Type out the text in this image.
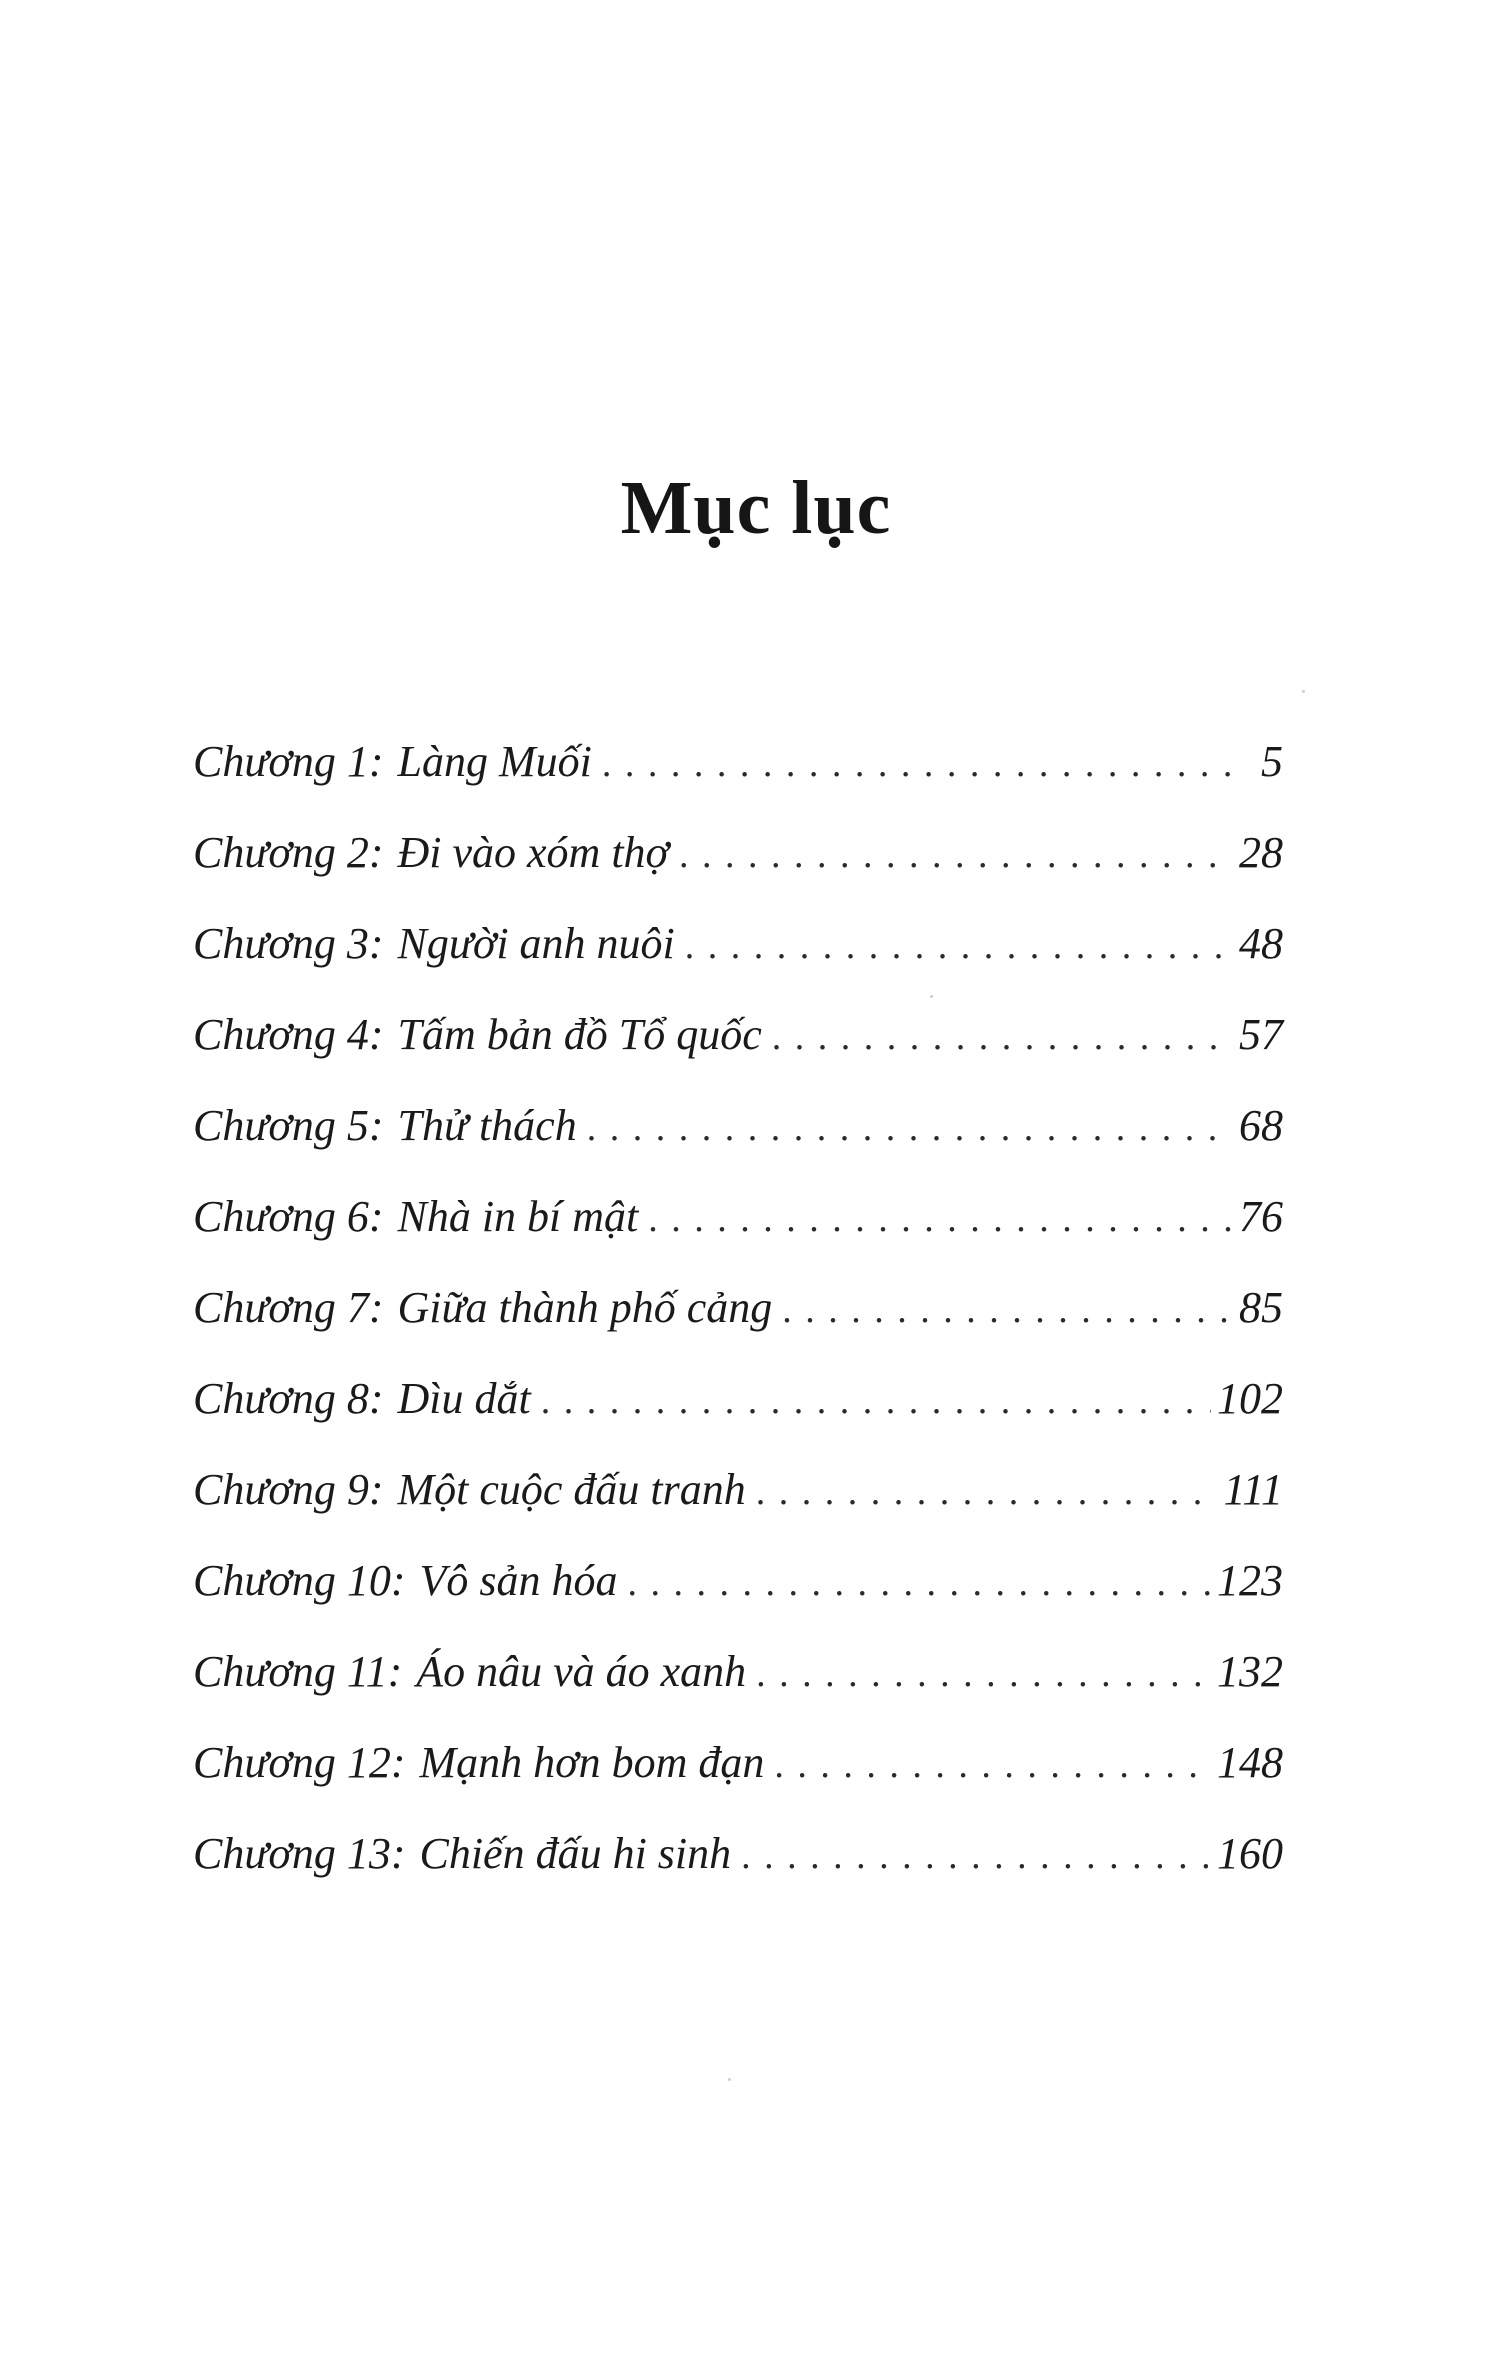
Mục lục
Chương 1 : Làng Muối . . .	5
Chương 2 : Đi vào xóm thợ . . .	28
Chương 3 : Người anh nuôi . . .	48
Chương 4 : Tấm bản đồ Tổ quốc . . .	57
Chương 5 : Thử thách . . .	68
Chương 6 : Nhà in bí mật . . .	76
Chương 7 : Giữa thành phố cảng . . .	85
Chương 8 : Dìu dắt . . .	102
Chương 9 : Một cuộc đấu tranh . . .	111
Chương 10 : Vô sản hóa . . .	123
Chương 11 : Áo nâu và áo xanh . . .	132
Chương 12 : Mạnh hơn bom đạn . . .	148
Chương 13 : Chiến đấu hi sinh . . .	160
